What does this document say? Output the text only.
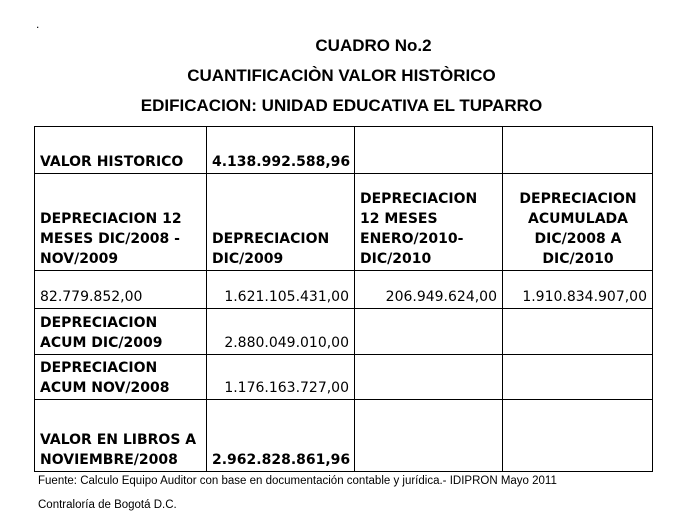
.
CUADRO No.2
CUANTIFICACIÒN VALOR HISTÒRICO
EDIFICACION: UNIDAD EDUCATIVA EL TUPARRO
VALOR HISTORICO	4.138.992.588,96		
DEPRECIACION 12 MESES DIC/2008 - NOV/2009	DEPRECIACION DIC/2009	DEPRECIACION 12 MESES ENERO/2010- DIC/2010	DEPRECIACION ACUMULADA DIC/2008 A DIC/2010
82.779.852,00	1.621.105.431,00	206.949.624,00	1.910.834.907,00
DEPRECIACION ACUM DIC/2009	2.880.049.010,00		
DEPRECIACION ACUM NOV/2008	1.176.163.727,00		
VALOR EN LIBROS A NOVIEMBRE/2008	2.962.828.861,96		
Fuente: Calculo Equipo Auditor con base en documentación contable y jurídica.- IDIPRON Mayo 2011
Contraloría de Bogotá D.C.
